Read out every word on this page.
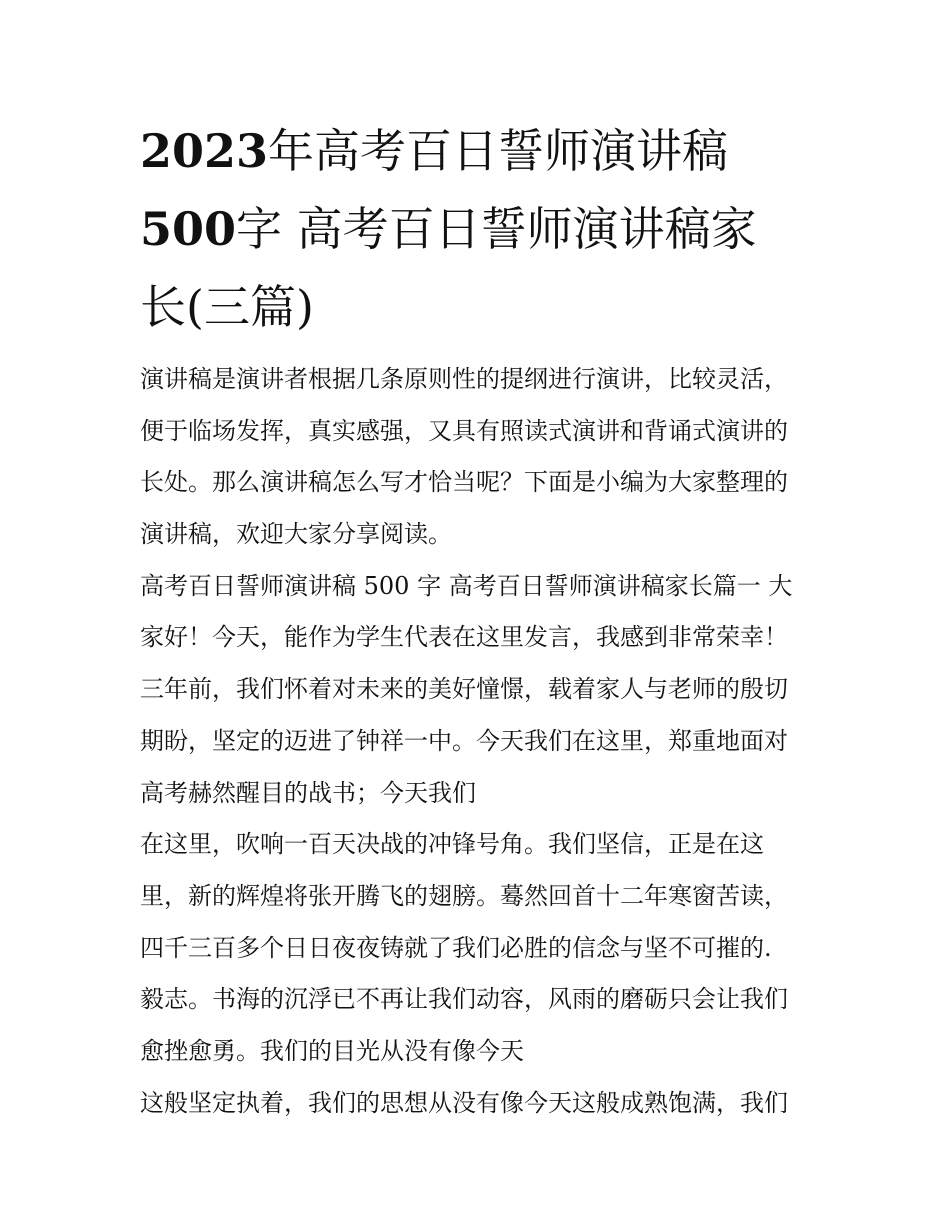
2023年高考百日誓师演讲稿
500字 高考百日誓师演讲稿家
长(三篇)
演讲稿是演讲者根据几条原则性的提纲进行演讲，比较灵活，
便于临场发挥，真实感强，又具有照读式演讲和背诵式演讲的
长处。那么演讲稿怎么写才恰当呢？下面是小编为大家整理的
演讲稿，欢迎大家分享阅读。
高考百日誓师演讲稿 500 字 高考百日誓师演讲稿家长篇一 大
家好！今天，能作为学生代表在这里发言，我感到非常荣幸！
三年前，我们怀着对未来的美好憧憬，载着家人与老师的殷切
期盼，坚定的迈进了钟祥一中。今天我们在这里，郑重地面对
高考赫然醒目的战书；今天我们
在这里，吹响一百天决战的冲锋号角。我们坚信，正是在这
里，新的辉煌将张开腾飞的翅膀。蓦然回首十二年寒窗苦读，
四千三百多个日日夜夜铸就了我们必胜的信念与坚不可摧的.
毅志。书海的沉浮已不再让我们动容，风雨的磨砺只会让我们
愈挫愈勇。我们的目光从没有像今天
这般坚定执着，我们的思想从没有像今天这般成熟饱满，我们
